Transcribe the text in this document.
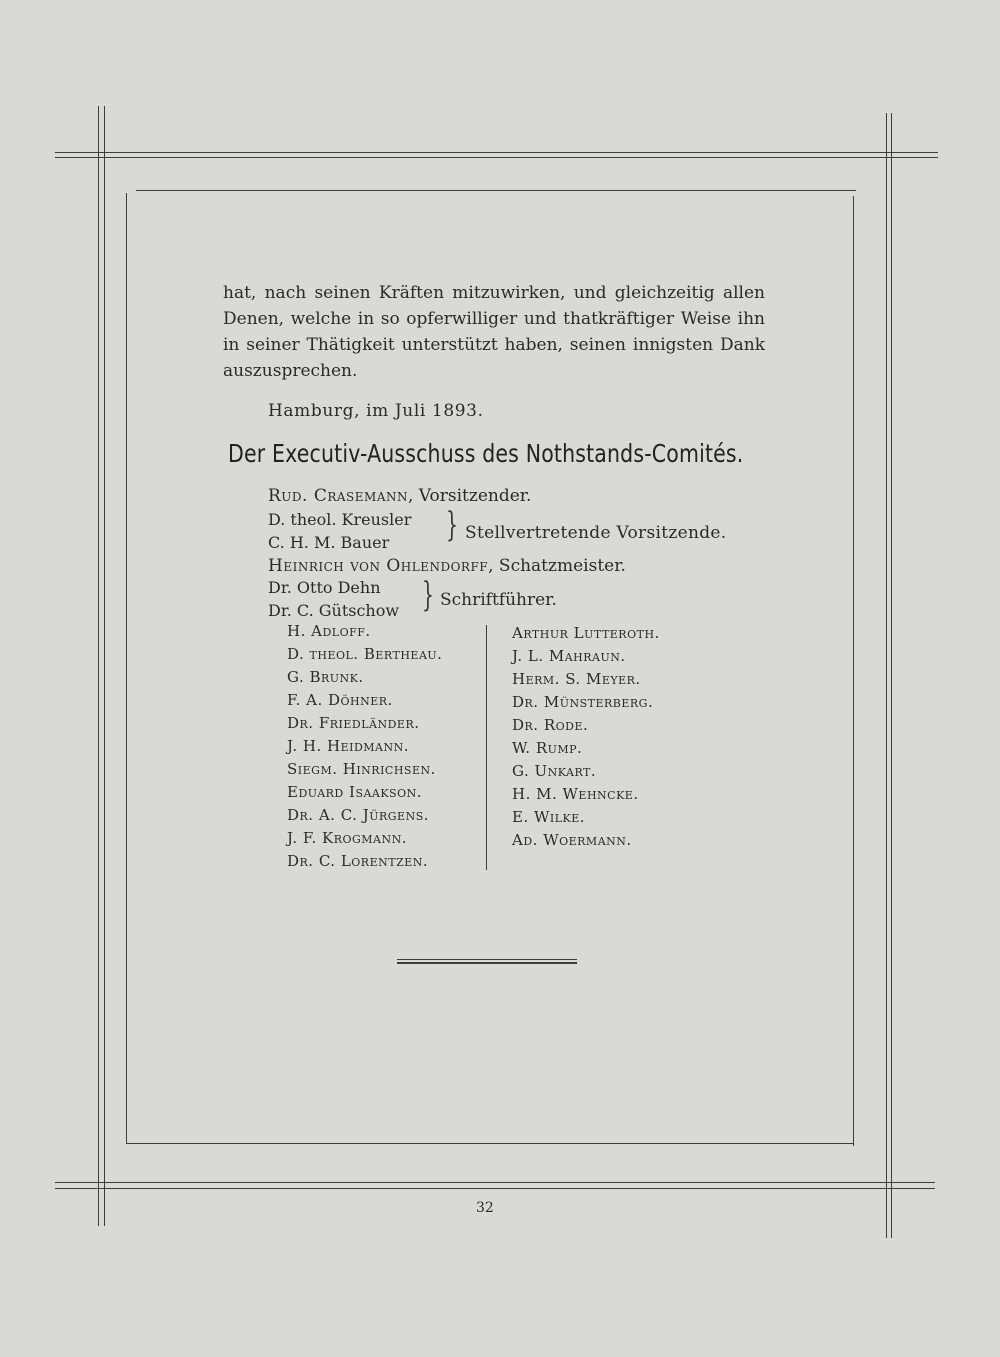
hat, nach seinen Kräften mitzuwirken, und gleichzeitig allen
Denen, welche in so opferwilliger und thatkräftiger Weise ihn
in seiner Thätigkeit unterstützt haben, seinen innigsten Dank
auszusprechen.
Hamburg, im Juli 1893.
Der Executiv-Ausschuss des Nothstands-Comités.
Rud. Crasemann, Vorsitzender.
D. theol. Kreusler
C. H. M. Bauer } Stellvertretende Vorsitzende.
Heinrich von Ohlendorff, Schatzmeister.
Dr. Otto Dehn
Dr. C. Gütschow } Schriftführer.
H. Adloff.
D. theol. Bertheau.
G. Brunk.
F. A. Döhner.
Dr. Friedländer.
J. H. Heidmann.
Siegm. Hinrichsen.
Eduard Isaakson.
Dr. A. C. Jürgens.
J. F. Krogmann.
Dr. C. Lorentzen.
Arthur Lutteroth.
J. L. Mahraun.
Herm. S. Meyer.
Dr. Münsterberg.
Dr. Rode.
W. Rump.
G. Unkart.
H. M. Wehncke.
E. Wilke.
Ad. Woermann.
32
